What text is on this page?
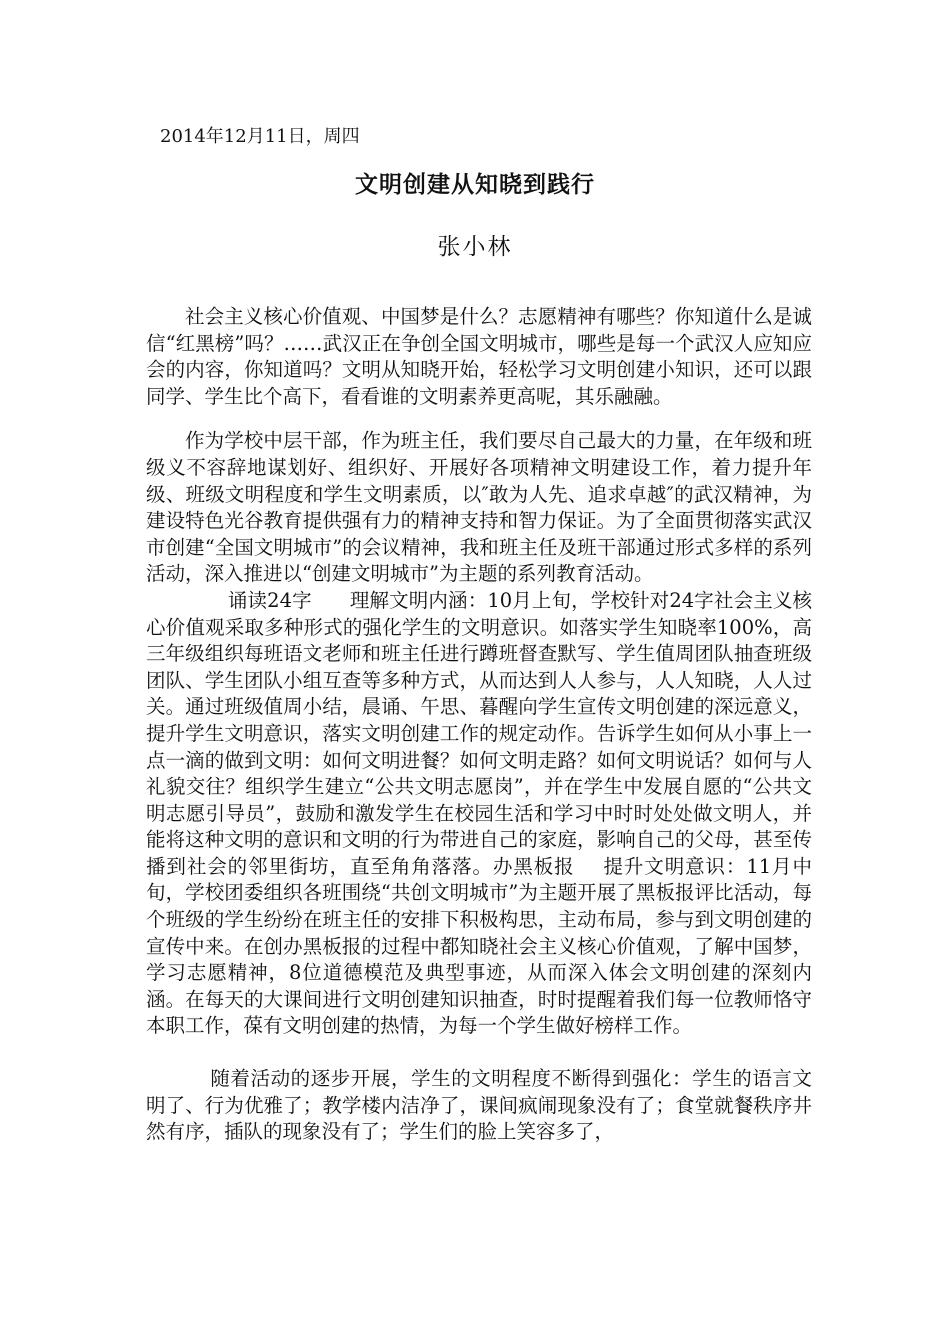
2014年12月11日，周四
文明创建从知晓到践行
张小林

社会主义核心价值观、中国梦是什么？志愿精神有哪些？你知道什么是诚信“红黑榜”吗？……武汉正在争创全国文明城市，哪些是每一个武汉人应知应会的内容，你知道吗？文明从知晓开始，轻松学习文明创建小知识，还可以跟同学、学生比个高下，看看谁的文明素养更高呢，其乐融融。

作为学校中层干部，作为班主任，我们要尽自己最大的力量，在年级和班级义不容辞地谋划好、组织好、开展好各项精神文明建设工作，着力提升年级、班级文明程度和学生文明素质，以″敢为人先、追求卓越″的武汉精神，为建设特色光谷教育提供强有力的精神支持和智力保证。为了全面贯彻落实武汉市创建“全国文明城市”的会议精神，我和班主任及班干部通过形式多样的系列活动，深入推进以“创建文明城市”为主题的系列教育活动。

诵读24字 理解文明内涵：10月上旬，学校针对24字社会主义核心价值观采取多种形式的强化学生的文明意识。如落实学生知晓率100%，高三年级组织每班语文老师和班主任进行蹲班督查默写、学生值周团队抽查班级团队、学生团队小组互查等多种方式，从而达到人人参与，人人知晓，人人过关。通过班级值周小结，晨诵、午思、暮醒向学生宣传文明创建的深远意义，提升学生文明意识，落实文明创建工作的规定动作。告诉学生如何从小事上一点一滴的做到文明：如何文明进餐？如何文明走路？如何文明说话？如何与人礼貌交往？组织学生建立“公共文明志愿岗”，并在学生中发展自愿的“公共文明志愿引导员”，鼓励和激发学生在校园生活和学习中时时处处做文明人，并能将这种文明的意识和文明的行为带进自己的家庭，影响自己的父母，甚至传播到社会的邻里街坊，直至角角落落。办黑板报 提升文明意识：11月中旬，学校团委组织各班围绕“共创文明城市”为主题开展了黑板报评比活动，每个班级的学生纷纷在班主任的安排下积极构思，主动布局，参与到文明创建的宣传中来。在创办黑板报的过程中都知晓社会主义核心价值观，了解中国梦，学习志愿精神，8位道德模范及典型事迹，从而深入体会文明创建的深刻内涵。在每天的大课间进行文明创建知识抽查，时时提醒着我们每一位教师恪守本职工作，葆有文明创建的热情，为每一个学生做好榜样工作。

随着活动的逐步开展，学生的文明程度不断得到强化：学生的语言文明了、行为优雅了；教学楼内洁净了，课间疯闹现象没有了；食堂就餐秩序井然有序，插队的现象没有了；学生们的脸上笑容多了，
